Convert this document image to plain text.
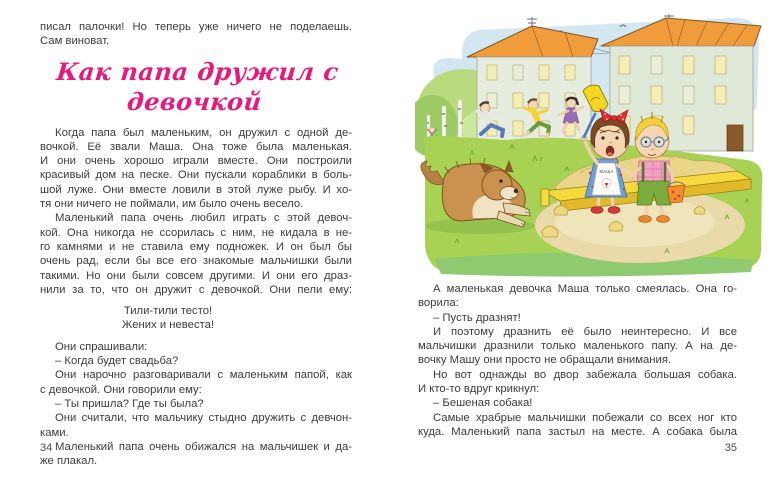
писал палочки! Но теперь уже ничего не поделаешь.
Сам виноват.
Как папа дружил с девочкой
Когда папа был маленьким, он дружил с одной де-
вочкой. Её звали Маша. Она тоже была маленькая.
И они очень хорошо играли вместе. Они построили
красивый дом на песке. Они пускали кораблики в боль-
шой луже. Они вместе ловили в этой луже рыбу. И хо-
тя они ничего не поймали, им было очень весело.
Маленький папа очень любил играть с этой девоч-
кой. Она никогда не ссорилась с ним, не кидала в не-
го камнями и не ставила ему подножек. И он был бы
очень рад, если бы все его знакомые мальчишки были
такими. Но они были совсем другими. И они его драз-
нили за то, что он дружит с девочкой. Они пели ему:
Тили-тили тесто!
Жених и невеста!
Они спрашивали:
– Когда будет свадьба?
Они нарочно разговаривали с маленьким папой, как
с девочкой. Они говорили ему:
– Ты пришла? Где ты была?
Они считали, что мальчику стыдно дружить с девчон-
ками.
Маленький папа очень обижался на мальчишек и да-
же плакал.
34
МАША
А маленькая девочка Маша только смеялась. Она го-
ворила:
– Пусть дразнят!
И поэтому дразнить её было неинтересно. И все
мальчишки дразнили только маленького папу. А на де-
вочку Машу они просто не обращали внимания.
Но вот однажды во двор забежала большая собака.
И кто-то вдруг крикнул:
– Бешеная собака!
Самые храбрые мальчишки побежали со всех ног кто
куда. Маленький папа застыл на месте. А собака была
35
